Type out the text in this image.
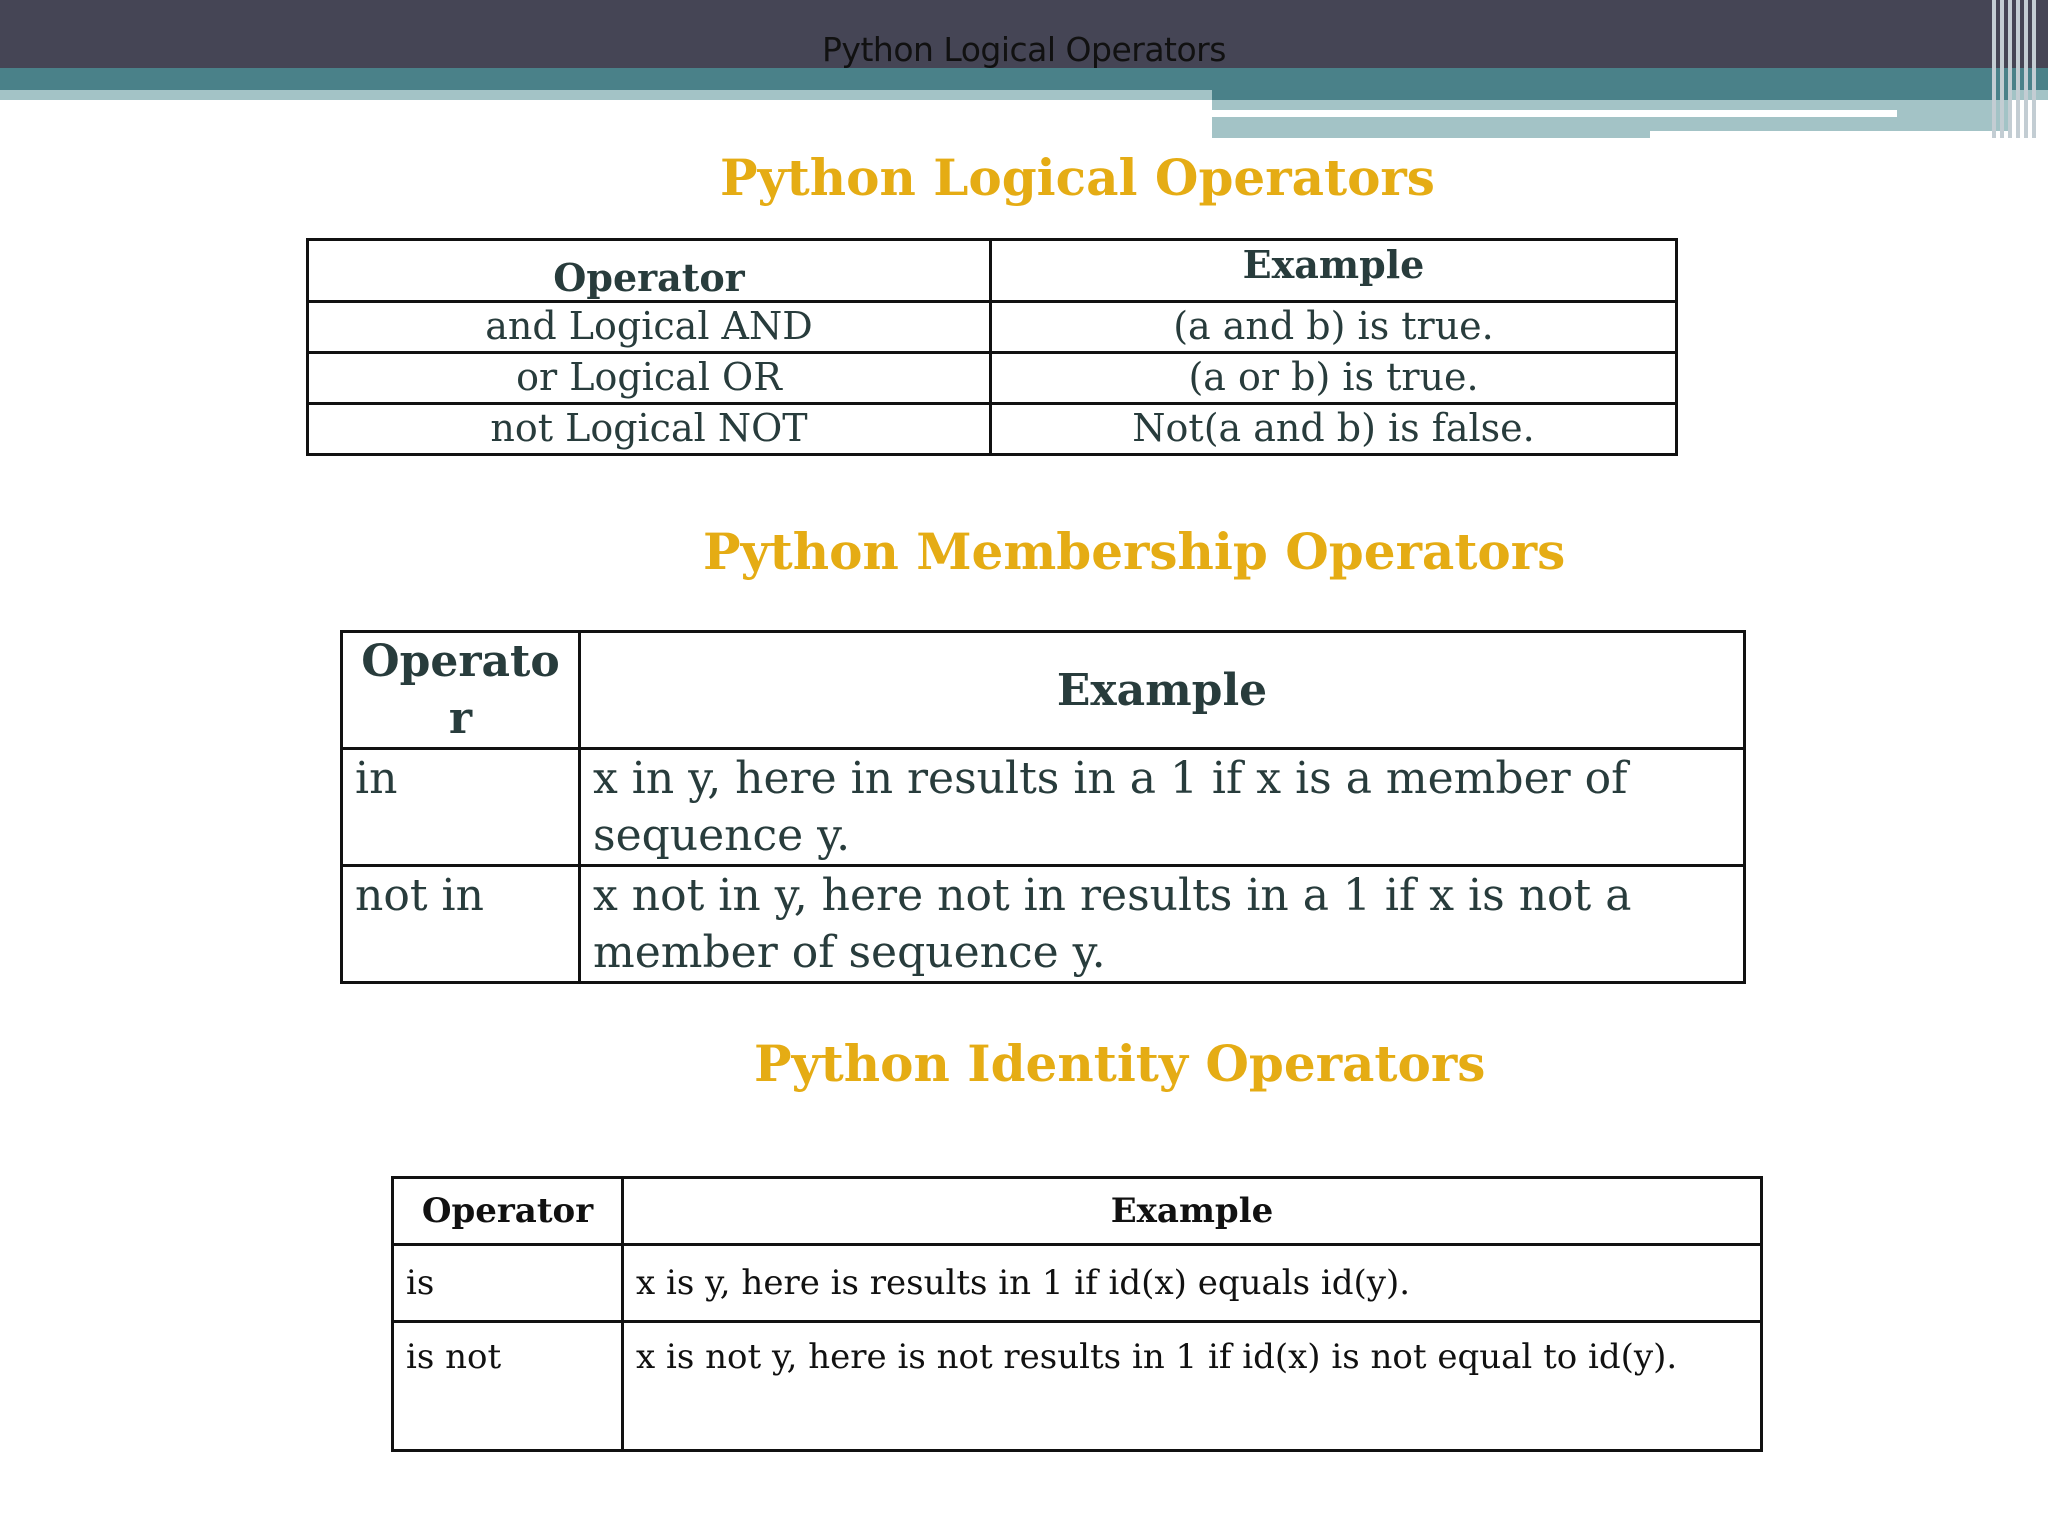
Python Logical Operators
Python Logical Operators
Operator	Example
and Logical AND	(a and b) is true.
or Logical OR	(a or b) is true.
not Logical NOT	Not(a and b) is false.
Python Membership Operators
Operato r	Example
in	x in y, here in results in a 1 if x is a member of sequence y.
not in	x not in y, here not in results in a 1 if x is not a member of sequence y.
Python Identity Operators
Operator	Example
is	x is y, here is results in 1 if id(x) equals id(y).
is not	x is not y, here is not results in 1 if id(x) is not equal to id(y).
